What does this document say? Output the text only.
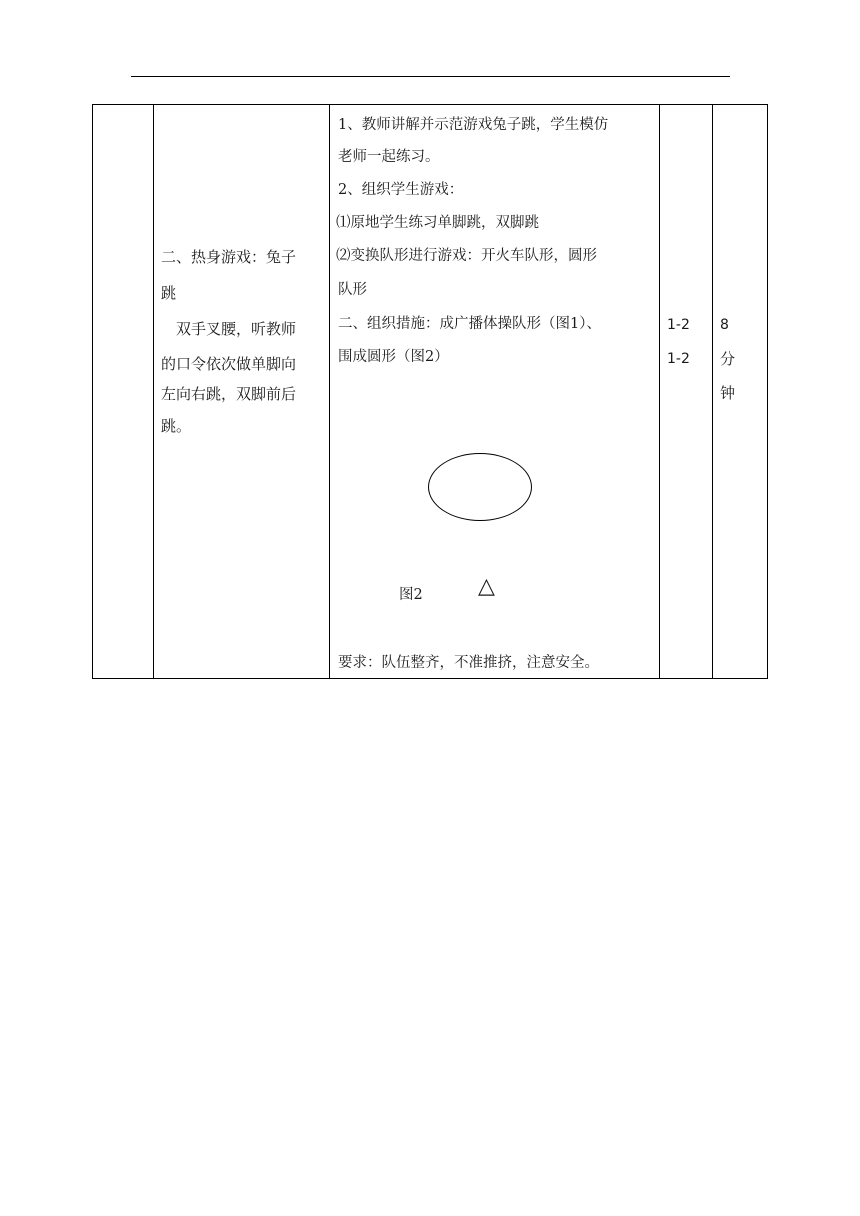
二、热身游戏：兔子
跳
双手叉腰，听教师
的口令依次做单脚向
左向右跳，双脚前后
跳。
1、教师讲解并示范游戏兔子跳，学生模仿
老师一起练习。
2、组织学生游戏：
⑴原地学生练习单脚跳，双脚跳
⑵变换队形进行游戏：开火车队形，圆形
队形
二、组织措施：成广播体操队形（图1）、
围成圆形（图2）
图2	△
要求：队伍整齐，不准推挤，注意安全。
1-2
1-2
8
分
钟
